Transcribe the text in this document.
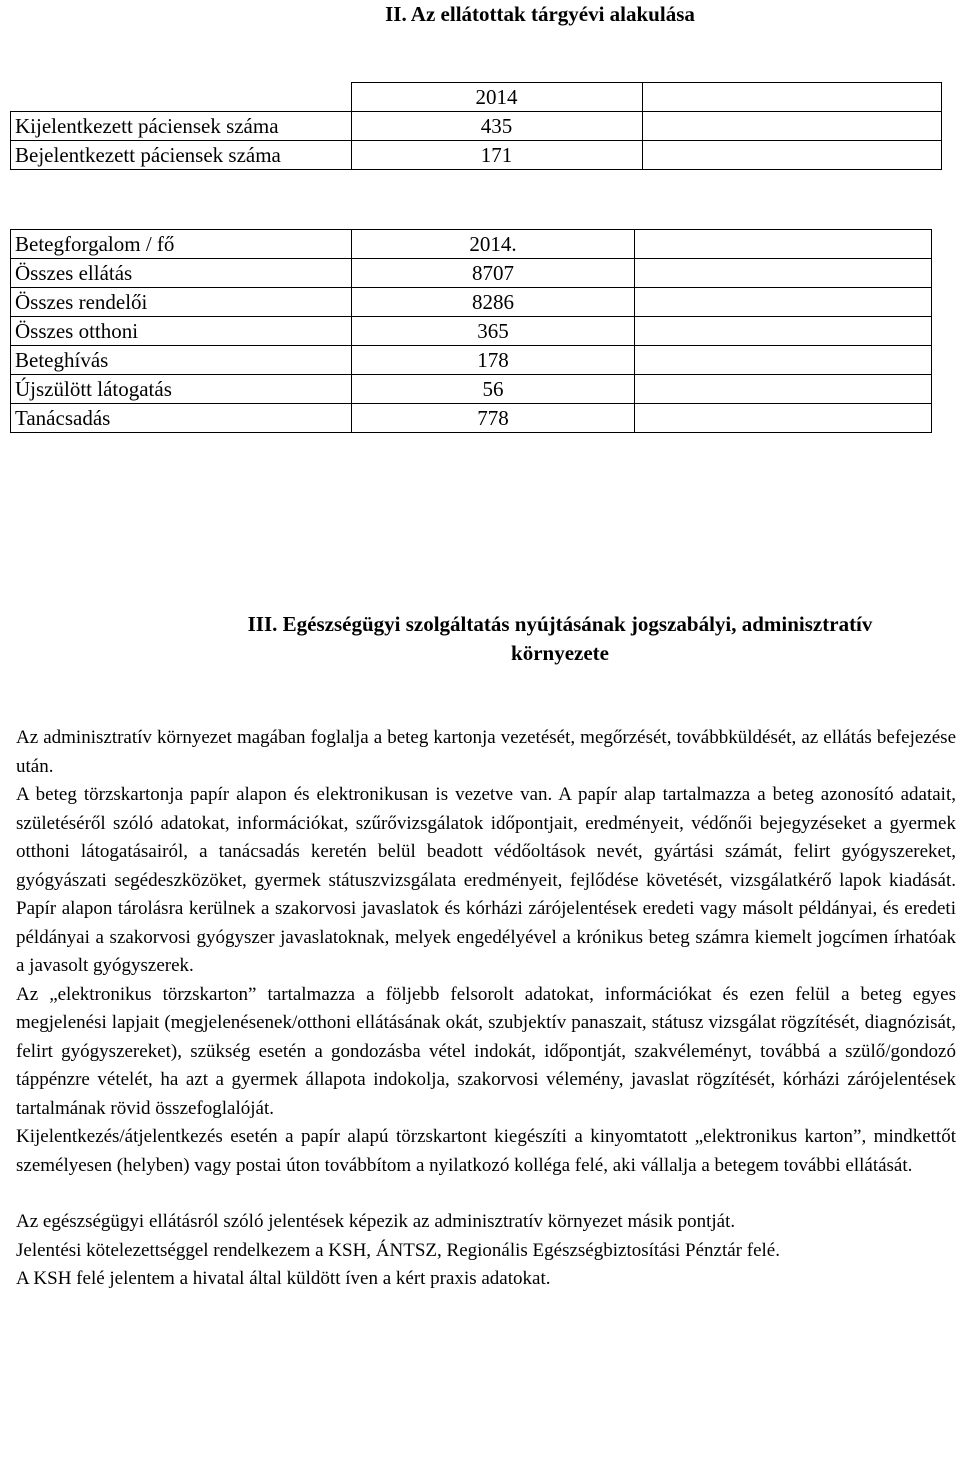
II. Az ellátottak tárgyévi alakulása
	2014	
Kijelentkezett páciensek száma	435	
Bejelentkezett páciensek száma	171	
Betegforgalom / fő	2014.	
Összes ellátás	8707	
Összes rendelői	8286	
Összes otthoni	365	
Beteghívás	178	
Újszülött látogatás	56	
Tanácsadás	778	
III. Egészségügyi szolgáltatás nyújtásának jogszabályi, adminisztratív
környezete

Az adminisztratív környezet magában foglalja a beteg kartonja vezetését, megőrzését, továbbküldését, az ellátás befejezése után.

A beteg törzskartonja papír alapon és elektronikusan is vezetve van. A papír alap tartalmazza a beteg azonosító adatait, születéséről szóló adatokat, információkat, szűrővizsgálatok időpontjait, eredményeit, védőnői bejegyzéseket a gyermek otthoni látogatásairól, a tanácsadás keretén belül beadott védőoltások nevét, gyártási számát, felirt gyógyszereket, gyógyászati segédeszközöket, gyermek státuszvizsgálata eredményeit, fejlődése követését, vizsgálatkérő lapok kiadását. Papír alapon tárolásra kerülnek a szakorvosi javaslatok és kórházi zárójelentések eredeti vagy másolt példányai, és eredeti példányai a szakorvosi gyógyszer javaslatoknak, melyek engedélyével a krónikus beteg számra kiemelt jogcímen írhatóak a javasolt gyógyszerek.

Az „elektronikus törzskarton” tartalmazza a följebb felsorolt adatokat, információkat és ezen felül a beteg egyes megjelenési lapjait (megjelenésenek/otthoni ellátásának okát, szubjektív panaszait, státusz vizsgálat rögzítését, diagnózisát, felirt gyógyszereket), szükség esetén a gondozásba vétel indokát, időpontját, szakvéleményt, továbbá a szülő/gondozó táppénzre vételét, ha azt a gyermek állapota indokolja, szakorvosi vélemény, javaslat rögzítését, kórházi zárójelentések tartalmának rövid összefoglalóját.

Kijelentkezés/átjelentkezés esetén a papír alapú törzskartont kiegészíti a kinyomtatott „elektronikus karton”, mindkettőt személyesen (helyben) vagy postai úton továbbítom a nyilatkozó kolléga felé, aki vállalja a betegem további ellátását.

Az egészségügyi ellátásról szóló jelentések képezik az adminisztratív környezet másik pontját.

Jelentési kötelezettséggel rendelkezem a KSH, ÁNTSZ, Regionális Egészségbiztosítási Pénztár felé.

A KSH felé jelentem a hivatal által küldött íven a kért praxis adatokat.
